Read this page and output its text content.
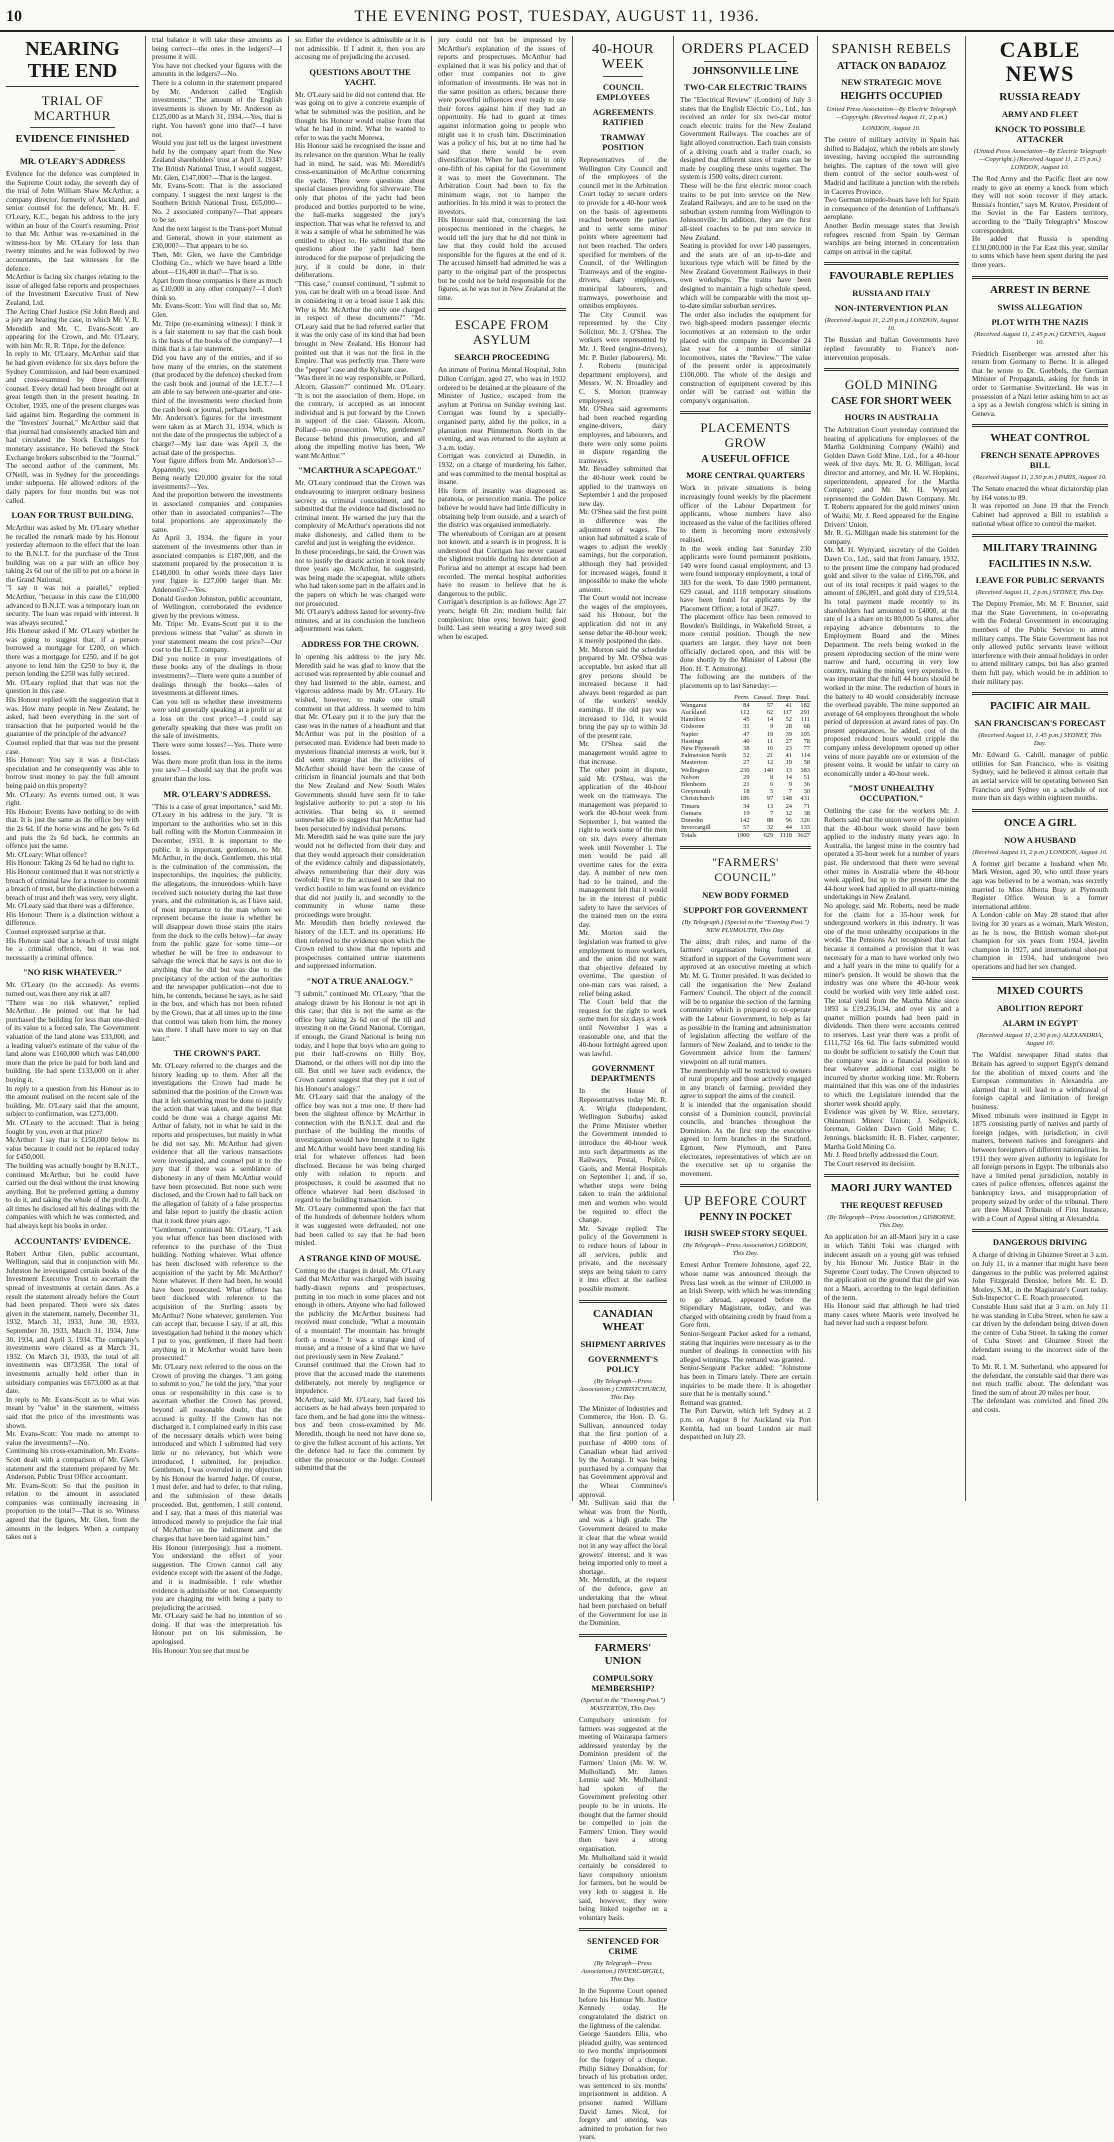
10	THE EVENING POST, TUESDAY, AUGUST 11, 1936.
NEARING THE END
TRIAL OF MCARTHUR
EVIDENCE FINISHED
MR. O'LEARY'S ADDRESS

Evidence for the defence was completed in the Supreme Court today, the seventh day of the trial of John William Shaw McArthur, a company director, formerly of Auckland, and senior counsel for the defence, Mr. H. F. O'Leary, K.C., began his address to the jury within an hour of the Court's resuming. Prior to that Mr. Arthur was re-examined in the witness-box by Mr. O'Leary for less than twenty minutes and he was followed by two accountants, the last witnesses for the defence.

McArthur is facing six charges relating to the issue of alleged false reports and prospectuses of the Investment Executive Trust of New Zealand, Ltd.

The Acting Chief Justice (Sir John Reed) and a jury are hearing the case, in which Mr. V. R. Meredith and Mr. C. Evans-Scott are appearing for the Crown, and Mr. O'Leary, with him Mr. R. R. Tripe, for the defence.

In reply to Mr. O'Leary, McArthur said that he had given evidence for six days before the Sydney Commission, and had been examined and cross-examined by three different counsel. Every detail had been brought out at great length then in the present hearing. In October, 1935, one of the present charges was laid against him. Regarding the comment in the "Investors' Journal," McArthur said that that journal had consistently attacked him and had circulated the Stock Exchanges for monetary assistance. He believed the Stock Exchange brokers subscribed to the "Journal." The second author of the comment, Mr. O'Neill, was in Sydney for the proceedings under subpoena. He allowed editors of the daily papers for four months but was not called.

LOAN FOR TRUST BUILDING.

McArthur was asked by Mr. O'Leary whether he recalled the remark made by his Honour yesterday afternoon to the effect that the loan to the B.N.I.T. for the purchase of the Trust building was on a par with an office boy taking 2s 6d out of the till to put on a horse in the Grand National.

"I say it was not a parallel," replied McArthur, "because in this case the £10,000 advanced to B.N.I.T. was a temporary loan on security. The loan was repaid with interest. It was always secured."

His Honour asked if Mr. O'Leary whether he was going to suggest that, if a person borrowed a mortgage for £200, on which there was a mortgage for £250, and if he got anyone to lend him the £250 to buy it, the person lending the £250 was fully secured.

Mr. O'Leary replied that that was not the question in this case.

His Honour replied with the suggestion that it was. How many people in New Zealand, he asked, had been everything in the sort of transaction that he purported would be the guarantee of the principle of the advance?

Counsel replied that that was not the present case.

His Honour: You say it was a first-class speculation and he consequently was able to borrow trust money to pay the full amount being paid on this property?

Mr. O'Leary: As events turned out, it was right.

His Honour: Events have nothing to do with that. It is just the same as the office boy with the 2s 6d. If the horse wins and he gets 7s 6d and puts the 2s 6d back, he commits an offence just the same.

Mr. O'Leary: What offence?

His Honour: Taking 2s 6d he had no right to.

His Honour continued that it was not strictly a breach of criminal law for a trustee to commit a breach of trust, but the distinction between a breach of trust and theft was very, very slight.

Mr. O'Leary said that there was a difference.

His Honour: There is a distinction without a difference.

Counsel expressed surprise at that.

His Honour said that a breach of trust might be a criminal offence, but it was not necessarily a criminal offence.

"NO RISK WHATEVER."

Mr. O'Leary (to the accused): As events turned out, was there any risk at all?

"There was no risk whatever," replied McArthur. He pointed out that he had purchased the building for less than one-third of its value to a forced sale. The Government valuation of the land alone was £33,000, and a leading valuer's estimate of the value of the land alone was £160,000 which was £40,000 more than the price he paid for both land and building. He had spent £133,000 on it after buying it.

In reply to a question from his Honour as to the amount realised on the recent sale of the building, Mr. O'Leary said that the amount, subject to confirmation, was £273,000.

Mr. O'Leary to the accused: That is being fought by you, even at that price?

McArthur: I say that is £150,000 below its value because it could not be replaced today for £450,000.

The building was actually bought by B.N.I.T., continued McArthur, but he could have carried out the deal without the trust knowing anything. But he preferred getting a dummy to do it, and taking the whole of the profit. At all times he disclosed all his dealings with the companies with which he was connected, and had always kept his books in order.

ACCOUNTANTS' EVIDENCE.

Robert Arthur Glen, public accountant, Wellington, said that in conjunction with Mr. Johnston he investigated certain books of the Investment Executive Trust to ascertain the spread of investments at certain dates. As a result the statement already before the Court had been prepared. There were six dates given in the statement, namely, December 31, 1932, March 31, 1933, June 30, 1933, September 30, 1933, March 31, 1934, June 30, 1934, and April 3, 1934. The company's investments were cleared as at March 31, 1932. On March 31, 1933, the total of all investments was £873,958. The total of investments actually held other than in subsidiary companies was £673,000 as at that date.

In reply to Mr. Evans-Scott as to what was meant by "value" in the statement, witness said that the price of the investments was shown.

Mr. Evans-Scott: You made no attempt to value the investments?—No.

Continuing his cross-examination, Mr. Evans-Scott dealt with a comparison of Mr. Glen's statement and the statement prepared by Mr. Anderson, Public Trust Office accountant.

Mr. Evans-Scott: So that the position in relation to the amount in associated companies was continually increasing in proportion to the total?—That is so. Witness agreed that the figures, Mr. Glen, from the amounts in the ledgers. When a company takes out a

trial balance it will take these amounts as being correct—the ones in the ledgers?—I presume it will.

You have not checked your figures with the amounts in the ledgers?—No.

There is a column in the statement prepared by Mr. Anderson called "English investments." The amount of the English investments is shown by Mr. Anderson as £125,000 as at March 31, 1934.—Yes, that is right. You haven't gone into that?—I have not.

Would you just tell us the largest investment held by the company apart from the New Zealand shareholders' trust at April 3, 1934? The British National Trust, I would suggest, Mr. Glen, £147,000?—That is the largest.

Mr. Evans-Scott: That is the associated company. I suggest the next largest is the Southern British National Trust, £65,000—No. 2 associated company?—That appears to be so.

And the next largest is the Trans-port Mutual and General, shown in your statement as £30,000?—That appears to be so.

Then, Mr. Glen, we have the Cambridge Clothing Co., which we have heard a little about—£16,400 in that?—That is so.

Apart from those companies is there as much as £10,000 in any other company?—I don't think so.

Mr. Evans-Scott: You will find that so, Mr. Glen.

Mr. Tripe (re-examining witness): I think it is a fair statement to say that the cash book is the basis of the books of the company?—I think that is a fair statement.

Did you have any of the entries, and if so how many of the entries, on the statement (that produced by the defence) checked from the cash book and journal of the I.E.T.?—I am able to say between one-quarter and one-third of the investments were checked from the cash book or journal, perhaps both.

Mr. Anderson's figures for the investment were taken as at March 31, 1934, which is not the date of the prospectus the subject of a charge?—My last date was April 3, the actual date of the prospectus.

Your figure differs from Mr. Anderson's?—Apparently, yes.

Being nearly £20,000 greater for the total investments?—Yes.

And the proportion between the investments in associated companies and companies other than in associated companies?—The total proportions are approximately the same.

At April 3, 1934, the figure in your statement of the investments other than in associated companies is £187,000, and the statement prepared by the prosecution it is £140,000. In other words three days later your figure is £27,000 larger than Mr. Anderson's?—Yes.

Donald Gordon Johnston, public accountant, of Wellington, corroborated the evidence given by the previous witness.

Mr. Tripe: Mr. Evans-Scott put it to the previous witness that "value" as shown in your statement means the cost price?—Our cost to the I.E.T. company.

Did you notice in your investigations of these books any of the dealings in those investments?—There were quite a number of dealings through the books—sales of investments at different times.

Can you tell us whether these investments were sold generally speaking at a profit or at a loss on the cost price?—I could say generally speaking that there was profit on the sale of investments.

There were some losses?—Yes. There were losses.

Was there more profit than loss in the items you saw?—I should say that the profit was greater than the loss.

MR. O'LEARY'S ADDRESS.

"This is a case of great importance," said Mr. O'Leary in his address to the jury. "It is important to the authorities who set in this ball rolling with the Morton Commission in December, 1933. It is important to the public. It is important, gentlemen, to Mr. McArthur, in the dock. Gentlemen, this trial is the culmination of the commission, the inspectorships, the inquiries, the publicity, the allegations, the innuendoes which have received such notoriety during the last three years, and the culmination is, as I have said, of most importance to the man whom we represent because the issue is whether he will disappear down those stairs (the stairs from the dock to the cells below)—far away from the public gaze for some time—or whether he will be free to endeavour to salvage the wreck that he says is not due to anything that he did but was due to the precipitancy of the action of the authorities and the newspaper publication—not due to him, he contends, because he says, as he said in the box, and which has not been refuted by the Crown, that at all times up to the time that control was taken from him, the money was there. I shall have more to say on that later."

THE CROWN'S PART.

Mr. O'Leary referred to the charges and the history leading up to them. After all the investigations the Crown had made he submitted that the position of the Crown was that it felt something must be done to justify the action that was taken, and the best that could be done was a charge against Mr. Arthur of falsity, not in what he said in the reports and prospectuses, but mainly in what he did not say. Mr. McArthur had given evidence that all the various transactions were investigated, and counsel put it to the jury that if there was a semblance of dishonesty in any of them McArthur would have been prosecuted. But none such were disclosed, and the Crown had to fall back on the allegation of falsity of a false prospectus and false report to justify the drastic action that it took three years ago.

"Gentlemen," continued Mr. O'Leary, "I ask you what offence has been disclosed with reference to the purchase of the Trust building. Nothing whatever. What offence has been disclosed with reference to the acquisition of the yacht by Mr. McArthur? None whatever. If there had been, he would have been prosecuted. What offence has been disclosed with reference to the acquisition of the Sterling assets by McArthur? None whatever, gentlemen. You can accept that, because I say, if at all, this investigation had behind it the money which I put to you, gentlemen, if there had been anything in it McArthur would have been prosecuted."

Mr. O'Leary next referred to the onus on the Crown of proving the charges. "I am going to submit to you," he told the jury, "that your onus or responsibility in this case is to ascertain whether the Crown has proved, beyond all reasonable doubt, that the accused is guilty. If the Crown has not discharged it, I complained early in this case of the necessary details which were being introduced and which I submitted had very little or no relevancy, but which were introduced, I submitted, for prejudice. Gentlemen, I was overruled in my objection by his Honour the learned Judge. Of course, I must defer, and had to defer, to that ruling, and the submission of these details proceeded. But, gentlemen, I still contend, and I say, that a mass of this material was introduced merely to prejudice the fair trial of McArthur on the indictment and the charges that have been laid against him."

His Honour (interposing): Just a moment. You understand the effect of your suggestion. The Crown cannot call any evidence except with the assent of the Judge, and it is inadmissible. I rule whether evidence is admissible or not. Consequently you are charging me with being a party to prejudicing the accused.

Mr. O'Leary said he had no intention of so doing. If that was the interpretation his Honour put on his submission, he apologised.

His Honour: You see that must be

so. Either the evidence is admissible or it is not admissible. If I admit it, then you are accusing me of prejudicing the accused.

QUESTIONS ABOUT THE YACHT.

Mr. O'Leary said he did not contend that. He was going on to give a concrete example of what he submitted was the position, and he thought his Honour would realise from that what he had in mind. What he wanted to refer to was the yacht Morewa.

His Honour said he recognised the issue and its relevance on the question. What he really had in mind, he said, was Mr. Meredith's cross-examination of McArthur concerning the yacht. There were questions about special clauses providing for silverware. The only that photos of the yacht had been produced and bottles purported to be wine, the hall-marks suggested the jury's inspection. That was what he referred to, and it was a sample of what he submitted he was entitled to object to. He submitted that the questions about the yacht had been introduced for the purpose of prejudicing the jury, if it could be done, in their deliberations.

"This case," counsel continued, "I submit to you, can be dealt with on a broad issue. And in considering it on a broad issue I ask this: Why is Mr. McArthur the only one charged in respect of these documents?" "Mr. O'Leary said that he had referred earlier that it was the only case of its kind that had been brought in New Zealand. His Honour had pointed out that it was not the first in the Empire. That was perfectly true. There were the "pepper" case and the Kylsant case.

"Was there in no way responsible, or Pollard, Alcorn, Glasson?" continued Mr. O'Leary. "It is not the association of them. Hope, on the contrary, is accepted as an innocent individual and is put forward by the Crown in support of the case. Glasson, Alcorn, Pollard—no prosecution. Why, gentlemen? Because behind this prosecution, and all along the impelling motive has been, 'We want McArthur.'"

"MCARTHUR A SCAPEGOAT."

Mr. O'Leary continued that the Crown was endeavouring to interpret ordinary business secrecy as criminal concealment, and he submitted that the evidence had disclosed no criminal intent. He warned the jury that the complexity of McArthur's operations did not make dishonesty, and called them to be careful and just in weighing the evidence.

In these proceedings, he said, the Crown was not to justify the drastic action it took nearly three years ago. McArthur, he suggested, was being made the scapegoat, while others who had taken some part in the affairs and in the papers on which he was charged were not prosecuted.

Mr. O'Leary's address lasted for seventy-five minutes, and at its conclusion the luncheon adjournment was taken.

ADDRESS FOR THE CROWN.

In opening his address to the jury Mr. Meredith said he was glad to know that the accused was represented by able counsel and they had listened to the able, earnest, and vigorous address made by Mr. O'Leary. He wished, however, to make one small comment on that address. It seemed to him that Mr. O'Leary put it to the jury that the case was in the nature of a headhunt and that McArthur was put in the position of a persecuted man. Evidence had been made to mysterious financial interests at work, but it did seem strange that the activities of McArthur should have been the cause of criticism in financial journals and that both the New Zealand and New South Wales Governments should have seen fit to take legislative authority to put a stop to his activities. That being so, it seemed somewhat idle to suggest that McArthur had been persecuted by individual persons.

Mr. Meredith said he was quite sure the jury would not be deflected from their duty and that they would approach their consideration of the evidence calmly and dispassionately, always remembering that their duty was twofold: First to the accused to see that no verdict hostile to him was found on evidence that did not justify it, and secondly to the community in whose name these proceedings were brought.

Mr. Meredith then briefly reviewed the history of the I.E.T. and its operations. He then referred to the evidence upon which the Crown relied to show that the reports and prospectuses contained untrue statements and suppressed information.

"NOT A TRUE ANALOGY."

"I submit," continued Mr. O'Leary, "that the analogy drawn by his Honour is not apt in this case; that this is not the same as the office boy taking 2s 6d out of the till and investing it on the Grand National. Corrigan, if enough, the Grand National is being run today, and I hope that boys who are going to put their half-crowns on Billy Boy, Diamond, or the others will not dip into the till. But until we have such evidence, the Crown cannot suggest that they put it out of his Honour's analogy."

Mr. O'Leary said that the analogy of the office boy was not a true one. If there had been the slightest offence by McArthur in connection with the B.N.I.T. deal and the purchase of the building the months of investigation would have brought it to light and McArthur would have been standing his trial for whatever offences had been disclosed. Because he was being charged only with relation to reports and prospectuses, it could be assumed that no offence whatever had been disclosed in regard to the building transaction.

Mr. O'Leary commented upon the fact that of the hundreds of debenture holders whom it was suggested were defrauded, not one had been called to say that he had been misled.

A STRANGE KIND OF MOUSE.

Coming to the charges in detail, Mr. O'Leary said that McArthur was charged with issuing badly-drawn reports and prospectuses, putting in too much in some places and not enough in others. Anyone who had followed the publicity the McArthur business had received must conclude, "What a mountain of a mountain! The mountain has brought forth a mouse." It was a strange kind of mouse, and a mouse of a kind that we have not previously seen in New Zealand."

Counsel continued that the Crown had to prove that the accused made the statements deliberately, not merely by negligence or impudence.

McArthur, said Mr. O'Leary, had faced his accusers as he had always been prepared to face them, and he had gone into the witness-box and been cross-examined by Mr. Meredith, though he need not have done so, to give the fullest account of his actions. Yet the defence had to face the comment by either the prosecutor or the Judge. Counsel submitted that the

jury could not but be impressed by McArthur's explanation of the issues of reports and prospectuses. McArthur had explained that it was his policy and that of other trust companies not to give information of investments. He was not in the same position as others, because there were powerful influences ever ready to use their forces against him if they had an opportunity. He had to guard at times against information going to people who might use it to crush him. Discrimination was a policy of his, but at no time had he said that there would be even diversification. When he had put in only one-fifth of his capital for the Government it was to meet the Government. The Arbitration Court had been to fix the minimum wage, not to hamper the authorities. In his mind it was to protect the investors.

His Honour said that, concerning the last prospectus mentioned in the charges, he would tell the jury that he did not think in law that they could hold the accused responsible for the figures at the end of it. The accused himself had admitted he was a party to the original part of the prospectus but he could not be held responsible for the figures, as he was not in New Zealand at the time.

ESCAPE FROM ASYLUM
SEARCH PROCEEDING

An inmate of Porirua Mental Hospital, John Dillon Corrigan, aged 27, who was in 1932 ordered to be detained at the pleasure of the Minister of Justice, escaped from the asylum at Porirua on Sunday evening last. Corrigan was found by a specially-organised party, aided by the police, in a plantation near Plimmerton. North in the evening, and was returned to the asylum at 3 a.m. today.

Corrigan was convicted at Dunedin, in 1932, on a charge of murdering his father, and was committed to the mental hospital as insane.

His form of insanity was diagnosed as paranoia, or persecution mania. The police believe he would have had little difficulty in obtaining help from outside, and a search of the district was organised immediately.

The whereabouts of Corrigan are at present not known, and a search is in progress. It is understood that Corrigan has never caused the slightest trouble during his detention at Porirua and no attempt at escape had been recorded. The mental hospital authorities have no reason to believe that he is dangerous to the public.

Corrigan's description is as follows: Age 27 years; height 6ft 2in; medium build; fair complexion; blue eyes; brown hair; good build. Last seen wearing a grey tweed suit when he escaped.

40-HOUR WEEK
COUNCIL EMPLOYEES
AGREEMENTS RATIFIED
TRAMWAY POSITION

Representatives of the Wellington City Council and of the employees of the council met in the Arbitration Court today to secure orders to provide for a 40-hour week on the basis of agreements reached between the parties and to settle some minor points where agreement had not been reached. The orders specified for members of the Council, of the Wellington Tramways and of the engine-drivers, diary employees, municipal labourers, and tramways, powerhouse and omnibus employees.

The City Council was represented by the City Solicitor, Mr. J. O'Shea. The workers were represented by Mr. J. Reed (engine-drivers), Mr. P. Butler (labourers), Mr. J. Roberts (municipal department employees), and Messrs. W. N. Broadley and C. S. Morton (tramway employees).

Mr. O'Shea said agreements had been reached regarding engine-drivers, dairy employees, and labourers, and there were only some points in dispute regarding the tramways.

Mr. Broadley submitted that the 40-hour week could be applied to the tramways on September 1 and the proposed new day.

Mr. O'Shea said the first point in difference was the adjustment of wages. The union had submitted a scale of wages to adjust the weekly earnings, but the corporation, although they had provided for increased wages, found it impossible to make the whole amount.

The Court would not increase the wages of the employees, said his Honour, but the application did not in any sense debar the 40-hour week; it merely postponed the date.

Mr. Morton said the schedule prepared by Mr. O'Shea was acceptable, but asked that all grey persons should be increased because it had always been regarded as part of the workers' weekly earnings. If the old pay was increased to 11d, it would bring the pay up to within 3d of the present rate.

Mr. O'Shea said the management would agree to that increase.

The other point in dispute, said Mr. O'Shea, was the application of the 40-hour week on the tramways. The management was prepared to work the 40-hour week from September 1, but wanted the right to work some of the men on six days every alternate week until November 1. The men would be paid all overtime rates for the extra day. A number of new men had to be trained, and the management felt that it would be in the interest of public safety to have the services of the trained men on the extra day.

Mr. Morton said the legislation was framed to give employment to more workers, and the union did not want that objective defeated by overtime. The question of one-man cars was raised, a relief being asked.

The Court held that the request for the right to work some men for six days a week until November 1 was a reasonable one, and that the 40-hour fortnight agreed upon was lawful.

GOVERNMENT DEPARTMENTS

In the House of Representatives today Mr. R. A. Wright (Independent, Wellington Suburbs) asked the Prime Minister whether the Government intended to introduce the 40-hour week into such departments as the Railways, Postal, Police, Gaols, and Mental Hospitals on September 1; and, if so, whether steps were being taken to train the additional men and women who would be required to effect the change.

Mr. Savage replied: The policy of the Government is to reduce hours of labour in all services, public and private, and the necessary steps are being taken to carry it into effect at the earliest possible moment.

CANADIAN WHEAT
SHIPMENT ARRIVES
GOVERNMENT'S POLICY
(By Telegraph—Press Association.) CHRISTCHURCH, This Day.

The Minister of Industries and Commerce, the Hon. D. G. Sullivan, announced today that the first portion of a purchase of 4000 tons of Canadian wheat had arrived by the Aorangi. It was being purchased by a company that has Government approval and the Wheat Committee's approval.

Mr. Sullivan said that the wheat was from the North, and was a high grade. The Government desired to make it clear that the wheat would not in any way affect the local growers' interest, and it was being imported only to meet a shortage.

Mr. Meredith, at the request of the defence, gave an undertaking that the wheat had been purchased on behalf of the Government for use in the Dominion.

FARMERS' UNION
COMPULSORY MEMBERSHIP?
(Special to the "Evening Post.") MASTERTON, This Day.

Compulsory unionism for farmers was suggested at the meeting of Wairarapa farmers addressed yesterday by the Dominion president of the Farmers' Union (Mr. W. W. Mulholland). Mr. James Lennie said Mr. Mulholland had spoken of the Government preferring other people to be in unions. He thought that the farmer should be compelled to join the Farmers' Union. They would then have a strong organisation.

Mr. Mulholland said it would certainly be considered to have compulsory unionism for farmers, but he would be very loth to suggest it. He said, however, they were being linked together on a voluntary basis.

SENTENCED FOR CRIME
(By Telegraph—Press Association.) INVERCARGILL, This Day.

In the Supreme Court opened before his Honour Mr. Justice Kennedy today. He congratulated the district on the lightness of the calendar.

George Saunders Ellis, who pleaded guilty, was sentenced to two months' imprisonment for the forgery of a cheque. Philip Sidney Donaldson, for breach of his probation order, was sentenced to six months' imprisonment in addition. A prisoner named William David James Nicol, for forgery and uttering, was admitted to probation for two years.

ORDERS PLACED
JOHNSONVILLE LINE
TWO-CAR ELECTRIC TRAINS

The "Electrical Review" (London) of July 3 states that the English Electric Co., Ltd., has received an order for six two-car motor coach electric trains for the New Zealand Government Railways. The coaches are of light alloyed construction. Each train consists of a driving coach and a trailer coach, so designed that different sizes of trains can be made by coupling these units together. The system is 1500 volts, direct current.

These will be the first electric motor coach trains to be put into service on the New Zealand Railways, and are to be used on the suburban system running from Wellington to Johnsonville. In addition, they are the first all-steel coaches to be put into service in New Zealand.

Seating is provided for over 140 passengers, and the seats are of an up-to-date and luxurious type which will be fitted by the New Zealand Government Railways in their own workshops. The trains have been designed to maintain a high schedule speed, which will be comparable with the most up-to-date similar suburban services.

The order also includes the equipment for two high-speed modern passenger electric locomotives at an extension to the order placed with the company in December 24 last year for a number of similar locomotives, states the "Review." The value of the present order is approximately £100,000. The whole of the design and construction of equipment covered by this order will be carried out within the company's organisation.

PLACEMENTS GROW
A USEFUL OFFICE
MORE CENTRAL QUARTERS

Work in private situations is being increasingly found weekly by the placement officer of the Labour Department for applicants, whose numbers have also increased as the value of the facilities offered to them is becoming more extensively realised.

In the week ending last Saturday 230 applicants were found permanent positions, 140 were found casual employment, and 13 were found temporary employment, a total of 383 for the week. To date 1900 permanent, 629 casual, and 1118 temporary situations have been found for applicants by the Placement Officer, a total of 3627.

The placement office has been removed to Bowden's Buildings, in Wakefield Street, a more central position. Though the new quarters are larger, they have not been officially declared open, and this will be done shortly by the Minister of Labour (the Hon. H. T. Armstrong).

The following are the numbers of the placements up to last Saturday:—

	Perm.	Casual.	Temp.	Total.
Wanganui	84	57	41	182
Auckland	112	62	117	291
Hamilton	45	14	52	111
Gisborne	31	9	28	68
Napier	47	19	39	105
Hastings	40	11	27	78
New Plymouth	38	16	23	77
Palmerston North	52	21	41	114
Masterton	27	12	19	58
Wellington	230	140	13	383
Nelson	29	8	14	51
Blenheim	21	6	9	36
Greymouth	18	5	7	30
Christchurch	186	97	148	431
Timaru	34	13	24	71
Oamaru	19	7	12	38
Dunedin	142	88	96	326
Invercargill	57	32	44	133
Totals	1900	629	1118	3627
"FARMERS' COUNCIL"
NEW BODY FORMED
SUPPORT FOR GOVERNMENT
(By Telegraph.) (Special to the "Evening Post.") NEW PLYMOUTH, This Day.

The aims, draft rules, and name of the farmers' organisation being formed at Stratford in support of the Government were approved at an executive meeting at which Mr. M. G. Trotter presided. It was decided to call the organisation the New Zealand Farmers' Council. The object of the council will be to organise the section of the farming community which is prepared to co-operate with the Labour Government, to help as far as possible in the framing and administration of legislation affecting the welfare of the farmers of New Zealand, and to tender to the Government advice from the farmers' viewpoint on all rural matters.

The membership will be restricted to owners of rural property and those actively engaged in any branch of farming, provided they agree to support the aims of the council.

It is intended that the organisation should consist of a Dominion council, provincial councils, and branches throughout the Dominion. As the first step the executive agreed to form branches in the Stratford, Egmont, New Plymouth, and Patea electorates, representatives of which are on the executive set up to organise the movement.

UP BEFORE COURT
PENNY IN POCKET
IRISH SWEEP STORY SEQUEL
(By Telegraph—Press Association.) GORDON, This Day.

Ernest Arthur Tremere Johnstone, aged 22, whose name was announced through the Press last week as the winner of £30,000 in an Irish Sweep, with which he was intending to go abroad, appeared before the Stipendiary Magistrate, today, and was charged with obtaining credit by fraud from a Gore firm.

Senior-Sergeant Packer asked for a remand, stating that inquiries were necessary as to the number of dealings in connection with his alleged winnings. The remand was granted.

Senior-Sergeant Packer added: "Johnstone has been in Timaru lately. There are certain inquiries to be made there. It is altogether sure that he is mentally sound."

Remand was granted.

The Port Darwin, which left Sydney at 2 p.m. on August 8 for Auckland via Port Kembla, had on board London air mail despatched on July 23.

SPANISH REBELS
ATTACK ON BADAJOZ
NEW STRATEGIC MOVE
HEIGHTS OCCUPIED
United Press Association—By Electric Telegraph—Copyright. (Received August 11, 2 p.m.)
LONDON, August 10.

The centre of military activity in Spain has shifted to Badajoz, which the rebels are slowly investing, having occupied the surrounding heights. The capture of the town will give them control of the sector south-west of Madrid and facilitate a junction with the rebels in Caceres Province.

Two German torpedo-boats have left for Spain in consequence of the detention of Lufthansa's aeroplane.

Another Berlin message states that Jewish refugees rescued from Spain by German warships are being interned in concentration camps on arrival in the capital.

FAVOURABLE REPLIES
RUSSIA AND ITALY
NON-INTERVENTION PLAN
(Received August 11, 2.20 p.m.) LONDON, August 10.

The Russian and Italian Governments have replied favourably to France's non-intervention proposals.

GOLD MINING
CASE FOR SHORT WEEK
HOURS IN AUSTRALIA

The Arbitration Court yesterday continued the hearing of applications for employees of the Martha Goldmining Company (Waihi) and Golden Dawn Gold Mine, Ltd., for a 40-hour week of five days. Mr. R. G. Milligan, local director and attorney, and Mr. H. W. Hopkins, superintendent, appeared for the Martha Company; and Mr. M. H. Wynyard represented the Golden Dawn Company. Mr. T. Roberts appeared for the gold miners' union of Waihi; Mr. J. Reed appeared for the Engine Drivers' Union.

Mr. R. G. Milligan made his statement for the company.

Mr. M. H. Wynyard, secretary of the Golden Dawn Co., Ltd., said that from January, 1932, to the present time the company had produced gold and silver to the value of £166,766, and out of its total receipts it paid wages to the amount of £86,891, and gold duty of £19,514. Its total payment made recently to its shareholders had amounted to £4000, at the rate of 1s a share on its 80,000 5s shares, after repaying advance debentures to the Employment Board and the Mines Department. The reefs being worked in the present reproducing section of the mine were narrow and hard, occurring in very low country, making the mining very expensive. It was important that the full 44 hours should be worked in the mine. The reduction of hours in the battery to 40 would considerably increase the overhead payable. The mine supported an average of 64 employees throughout the whole period of depression at award rates of pay. On present appearances, he added, cost of the proposed reduced hours would cripple the company unless development opened up other veins of more payable ore or extension of the present veins. It would be unfair to carry on economically under a 40-hour week.

"MOST UNHEALTHY OCCUPATION."

Outlining the case for the workers Mr. J. Roberts said that the union were of the opinion that the 40-hour week should have been applied to the industry many years ago. In Australia, the largest mine in the country had operated a 35-hour week for a number of years past. He understood that there were several other mines in Australia where the 40-hour week applied, but up to the present time the 44-hour week had applied to all quartz-mining undertakings in New Zealand.

No apology, said Mr. Roberts, need be made for the claim for a 35-hour week for underground workers in this industry. It was one of the most unhealthy occupations in the world. The Pensions Act recognised that fact because it contained a provision that it was necessary for a man to have worked only two and a half years in the mine to qualify for a miner's pension. It would be shown that the industry was one where the 40-hour week could be worked with very little added cost. The total yield from the Martha Mine since 1893 is £19,236,134, and over six and a quarter million pounds had been paid in dividends. Then there were accounts centred to reserves. Last year there was a profit of £111,752 16s 6d. The facts submitted would no doubt be sufficient to satisfy the Court that the company was in a financial position to bear whatever additional cost might be incurred by shorter working time. Mr. Roberts maintained that this was one of the industries to which the Legislature intended that the shorter week should apply.

Evidence was given by W. Rice, secretary, Ohinemuri Miners' Union; J. Sedgwick, foreman, Golden Dawn Gold Mine; C. Jennings, blacksmith; H. B. Fisher, carpenter, Martha Gold Mining Co.

Mr. J. Reed briefly addressed the Court.

The Court reserved its decision.

MAORI JURY WANTED
THE REQUEST REFUSED
(By Telegraph—Press Association.) GISBORNE, This Day.

An application for an all-Maori jury in a case in which Tahiti Toki was charged with indecent assault on a young girl was refused by his Honour Mr. Justice Blair in the Supreme Court today. The Crown objected to the application on the ground that the girl was not a Maori, according to the legal definition of the term.

His Honour said that although he had tried many cases where Maoris were involved he had never had such a request before.

CABLE NEWS
RUSSIA READY
ARMY AND FLEET
KNOCK TO POSSIBLE ATTACKER
(United Press Association—By Electric Telegraph—Copyright.) (Received August 11, 2.15 p.m.) LONDON, August 10.

The Red Army and the Pacific fleet are now ready to give an enemy a knock from which they will not soon recover if they attack. Russia's frontier," says M. Krutov, President of the Soviet in the Far Eastern territory, according to the "Daily Telegraph's" Moscow correspondent.

He added that Russia is spending £130,000,000 in the Far East this year, similar to sums which have been spent during the past three years.

ARREST IN BERNE
SWISS ALLEGATION
PLOT WITH THE NAZIS
(Received August 11, 2.45 p.m.) GENEVA, August 10.

Friedrich Eisenberger was arrested after his return from Germany to Berne. It is alleged that he wrote to Dr. Goebbels, the German Minister of Propaganda, asking for funds in order to Germanise Switzerland. He was in possession of a Nazi letter asking him to act as a spy as a Jewish congress which is sitting in Geneva.

WHEAT CONTROL
FRENCH SENATE APPROVES BILL
(Received August 11, 2.50 p.m.) PARIS, August 10.

The Senate enacted the wheat dictatorship plan by 164 votes to 89.

It was reported on June 19 that the French Cabinet had approved a Bill to establish a national wheat office to control the market.

MILITARY TRAINING
FACILITIES IN N.S.W.
LEAVE FOR PUBLIC SERVANTS
(Received August 11, 2 p.m.) SYDNEY, This Day.

The Deputy Premier, Mr. M. F. Bruxner, said that the State Government, in co-operating with the Federal Government in encouraging members of the Public Service to attend military camps. The State Government has not only allowed public servants leave without interference with their annual holidays in order to attend military camps, but has also granted them full pay, which would be in addition to their military pay.

PACIFIC AIR MAIL
SAN FRANCISCAN'S FORECAST
(Received August 11, 1.45 p.m.) SYDNEY, This Day.

Mr. Edward G. Cahill, manager of public utilities for San Francisco, who is visiting Sydney, said he believed it almost certain that an aerial service will be operating between San Francisco and Sydney on a schedule of not more than six days within eighteen months.

ONCE A GIRL
NOW A HUSBAND
(Received August 11, 2 p.m.) LONDON, August 10.

A former girl became a husband when Mr. Mark Weston, aged 30, who until three years ago was believed to be a woman, was secretly married to Miss Alberta Bray at Plymouth Register Office. Weston is a former international athlete.

A London cable on May 28 stated that after living for 30 years as a woman, Mark Weston, as he is now, the British woman shot-put champion for six years from 1924, javelin champion in 1927, and international shot-put champion in 1934, had undergone two operations and had her sex changed.

MIXED COURTS
ABOLITION REPORT
ALARM IN EGYPT
(Received August 11, 2.30 p.m.) ALEXANDRIA, August 10.

The Wafdist newspaper Jihad states that Britain has agreed to support Egypt's demand for the abolition of mixed courts and the European communities in Alexandria are alarmed that it will lead to a withdrawal of foreign capital and limitation of foreign business.

Mixed tribunals were instituted in Egypt in 1875 consisting partly of natives and partly of foreign judges, with jurisdiction, in civil matters, between natives and foreigners and between foreigners of different nationalities. In 1911 they were given authority to legislate for all foreign persons in Egypt. The tribunals also have a limited penal jurisdiction, notably in cases of police offences, offences against the bankruptcy laws, and misappropriation of property seized by order of the tribunal. There are three Mixed Tribunals of First Instance, with a Court of Appeal sitting at Alexandria.

DANGEROUS DRIVING

A charge of driving in Ghuznee Street at 3 a.m. on July 11, in a manner that might have been dangerous to the public was preferred against John Fitzgerald Densloe, before Mr. E. D. Mosley, S.M., in the Magistrate's Court today. Sub-Inspector C. E. Roach prosecuted.

Constable Hunt said that at 3 a.m. on July 11 he was standing in Cuba Street, when he saw a car driven by the defendant being driven down the centre of Cuba Street. In taking the corner of Cuba Street and Ghuznee Street the defendant swung to the incorrect side of the road.

To Mr. R. I. M. Sutherland, who appeared for the defendant, the constable said that there was not much traffic about. The defendant was fined the sum of about 20 miles per hour.

The defendant was convicted and fined 20s and costs.
